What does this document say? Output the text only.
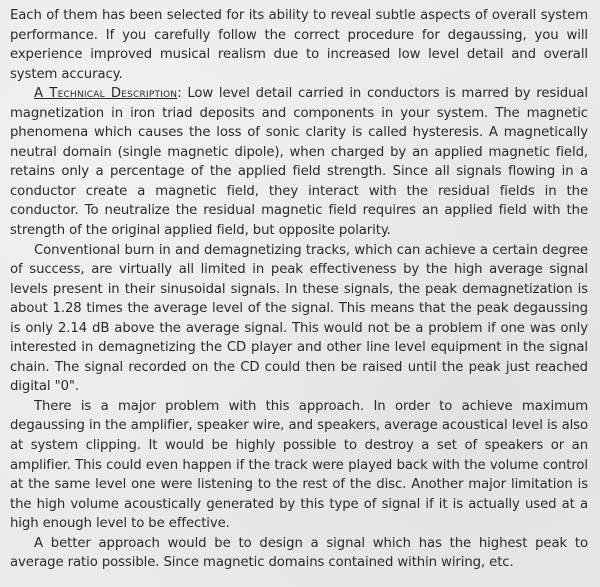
Each of them has been selected for its ability to reveal subtle aspects of overall system performance. If you carefully follow the correct procedure for degaussing, you will experience improved musical realism due to increased low level detail and overall system accuracy.

A Technical Description: Low level detail carried in conductors is marred by residual magnetization in iron triad deposits and components in your system. The magnetic phenomena which causes the loss of sonic clarity is called hysteresis. A magnetically neutral domain (single magnetic dipole), when charged by an applied magnetic field, retains only a percentage of the applied field strength. Since all signals flowing in a conductor create a magnetic field, they interact with the residual fields in the conductor. To neutralize the residual magnetic field requires an applied field with the strength of the original applied field, but opposite polarity.

Conventional burn in and demagnetizing tracks, which can achieve a certain degree of success, are virtually all limited in peak effectiveness by the high average signal levels present in their sinusoidal signals. In these signals, the peak demagnetization is about 1.28 times the average level of the signal. This means that the peak degaussing is only 2.14 dB above the average signal. This would not be a problem if one was only interested in demagnetizing the CD player and other line level equipment in the signal chain. The signal recorded on the CD could then be raised until the peak just reached digital "0".

There is a major problem with this approach. In order to achieve maximum degaussing in the amplifier, speaker wire, and speakers, average acoustical level is also at system clipping. It would be highly possible to destroy a set of speakers or an amplifier. This could even happen if the track were played back with the volume control at the same level one were listening to the rest of the disc. Another major limitation is the high volume acoustically generated by this type of signal if it is actually used at a high enough level to be effective.

A better approach would be to design a signal which has the highest peak to average ratio possible. Since magnetic domains contained within wiring, etc.
